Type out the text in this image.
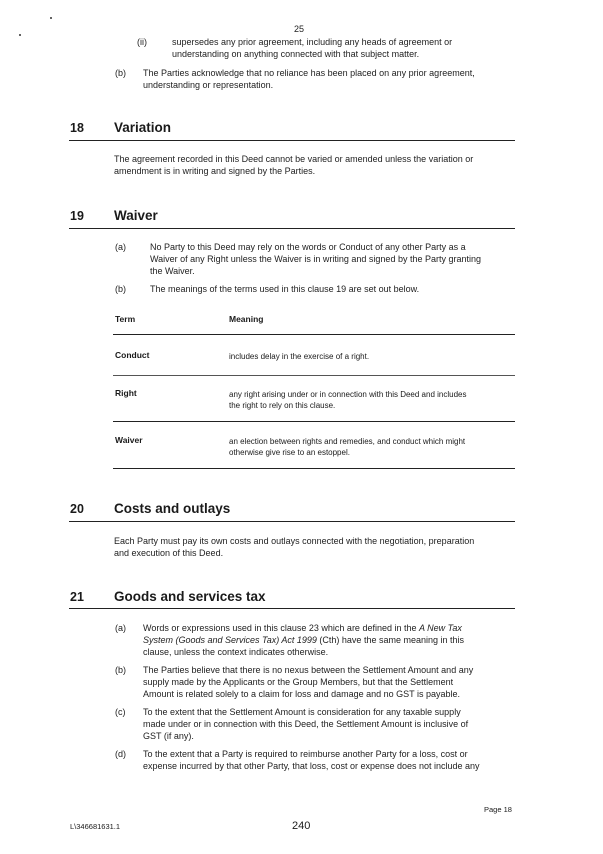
25
(ii)	supersedes any prior agreement, including any heads of agreement or
understanding on anything connected with that subject matter.
(b) The Parties acknowledge that no reliance has been placed on any prior agreement,
understanding or representation.
18 Variation
The agreement recorded in this Deed cannot be varied or amended unless the variation or
amendment is in writing and signed by the Parties.
19 Waiver
(a)	No Party to this Deed may rely on the words or Conduct of any other Party as a
Waiver of any Right unless the Waiver is in writing and signed by the Party granting
the Waiver.
(b)	The meanings of the terms used in this clause 19 are set out below.
Term	Meaning
Conduct	includes delay in the exercise of a right.
Right	any right arising under or in connection with this Deed and includes
the right to rely on this clause.
Waiver	an election between rights and remedies, and conduct which might
otherwise give rise to an estoppel.
20 Costs and outlays
Each Party must pay its own costs and outlays connected with the negotiation, preparation
and execution of this Deed.
21 Goods and services tax
(a) Words or expressions used in this clause 23 which are defined in the A New Tax
System (Goods and Services Tax) Act 1999 (Cth) have the same meaning in this
clause, unless the context indicates otherwise.
(b) The Parties believe that there is no nexus between the Settlement Amount and any
supply made by the Applicants or the Group Members, but that the Settlement
Amount is related solely to a claim for loss and damage and no GST is payable.
(c) To the extent that the Settlement Amount is consideration for any taxable supply
made under or in connection with this Deed, the Settlement Amount is inclusive of
GST (if any).
(d) To the extent that a Party is required to reimburse another Party for a loss, cost or
expense incurred by that other Party, that loss, cost or expense does not include any
Page 18
L\346681631.1	240
